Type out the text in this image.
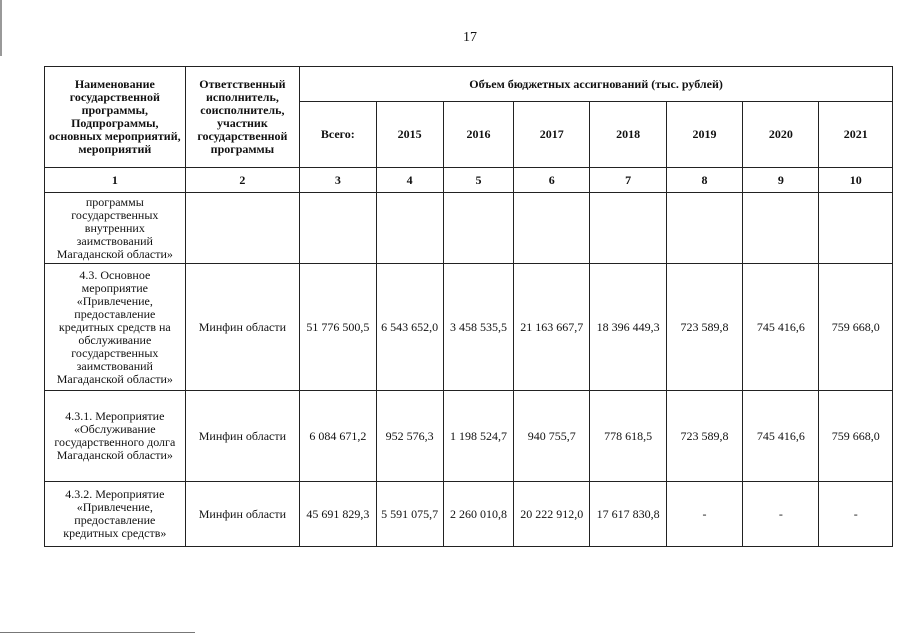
17
Наименование государственной программы, Подпрограммы, основных мероприятий, мероприятий	Ответственный исполнитель, соисполнитель, участник государственной программы	Объем бюджетных ассигнований (тыс. рублей)							
		Всего:	2015	2016	2017	2018	2019	2020	2021
1	2	3	4	5	6	7	8	9	10
программы государственных внутренних заимствований Магаданской области»									
4.3. Основное мероприятие «Привлечение, предоставление кредитных средств на обслуживание государственных заимствований Магаданской области»	Минфин области	51 776 500,5	6 543 652,0	3 458 535,5	21 163 667,7	18 396 449,3	723 589,8	745 416,6	759 668,0
4.3.1. Мероприятие «Обслуживание государственного долга Магаданской области»	Минфин области	6 084 671,2	952 576,3	1 198 524,7	940 755,7	778 618,5	723 589,8	745 416,6	759 668,0
4.3.2. Мероприятие «Привлечение, предоставление кредитных средств»	Минфин области	45 691 829,3	5 591 075,7	2 260 010,8	20 222 912,0	17 617 830,8	-	-	-
